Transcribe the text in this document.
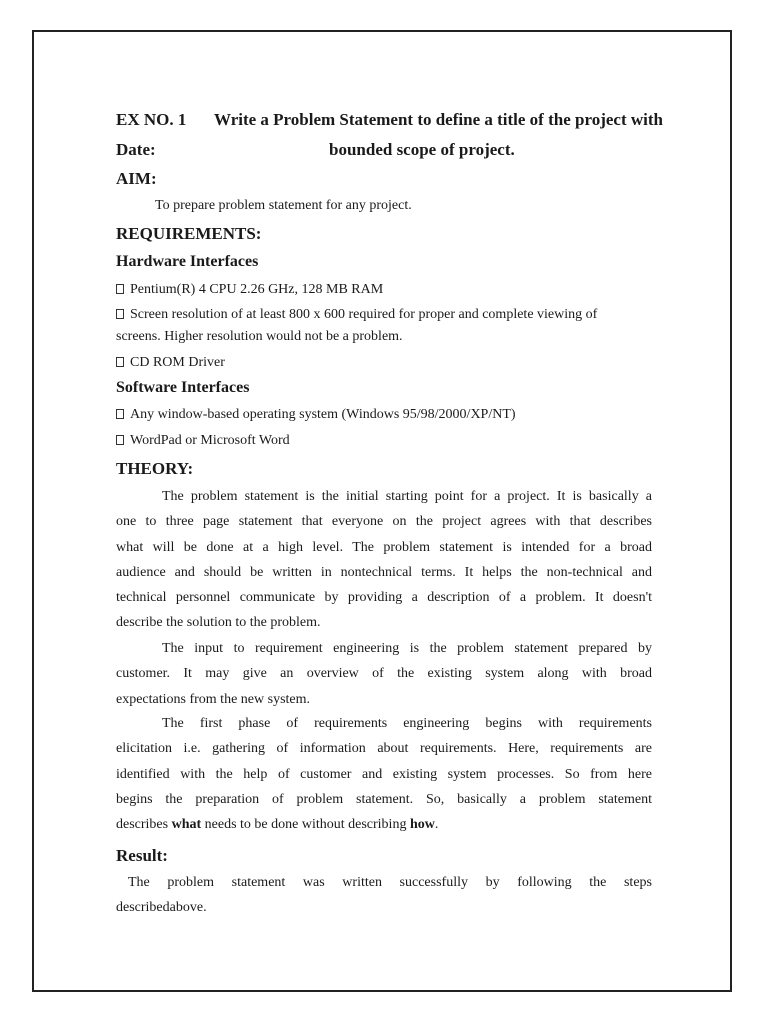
EX NO. 1 Write a Problem Statement to define a title of the project with
Date:	bounded scope of project.
AIM:
To prepare problem statement for any project.
REQUIREMENTS:
Hardware Interfaces
Pentium(R) 4 CPU 2.26 GHz, 128 MB RAM
Screen resolution of at least 800 x 600 required for proper and complete viewing of
screens. Higher resolution would not be a problem.
CD ROM Driver
Software Interfaces
Any window-based operating system (Windows 95/98/2000/XP/NT)
WordPad or Microsoft Word
THEORY:
The problem statement is the initial starting point for a project. It is basically a
one to three page statement that everyone on the project agrees with that describes
what will be done at a high level. The problem statement is intended for a broad
audience and should be written in nontechnical terms. It helps the non-technical and
technical personnel communicate by providing a description of a problem. It doesn't
describe the solution to the problem.
The input to requirement engineering is the problem statement prepared by
customer. It may give an overview of the existing system along with broad
expectations from the new system.
The first phase of requirements engineering begins with requirements
elicitation i.e. gathering of information about requirements. Here, requirements are
identified with the help of customer and existing system processes. So from here
begins the preparation of problem statement. So, basically a problem statement
describes what needs to be done without describing how.
Result:
The problem statement was written successfully by following the steps
describedabove.
